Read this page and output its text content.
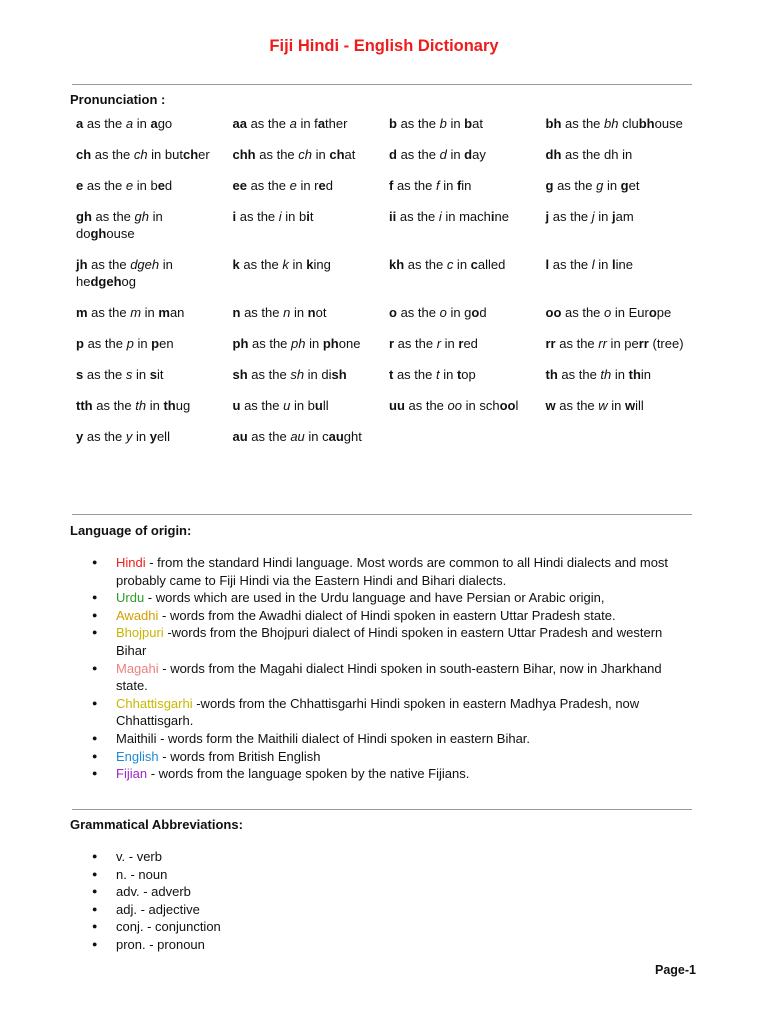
Fiji Hindi - English Dictionary
Pronunciation :
a as the a in ago	aa as the a in father	b as the b in bat	bh as the bh clubhouse
ch as the ch in butcher	chh as the ch in chat	d as the d in day	dh as the dh in
e as the e in bed	ee as the e in red	f as the f in fin	g as the g in get
gh as the gh in doghouse	i as the i in bit	ii as the i in machine	j as the j in jam
jh as the dgeh in hedgehog	k as the k in king	kh as the c in called	l as the l in line
m as the m in man	n as the n in not	o as the o in god	oo as the o in Europe
p as the p in pen	ph as the ph in phone	r as the r in red	rr as the rr in perr (tree)
s as the s in sit	sh as the sh in dish	t as the t in top	th as the th in thin
tth as the th in thug	u as the u in bull	uu as the oo in school	w as the w in will
y as the y in yell	au as the au in caught		
Language of origin:
● Hindi - from the standard Hindi language. Most words are common to all Hindi dialects and most probably came to Fiji Hindi via the Eastern Hindi and Bihari dialects.
● Urdu - words which are used in the Urdu language and have Persian or Arabic origin,
● Awadhi - words from the Awadhi dialect of Hindi spoken in eastern Uttar Pradesh state.
● Bhojpuri -words from the Bhojpuri dialect of Hindi spoken in eastern Uttar Pradesh and western Bihar
● Magahi - words from the Magahi dialect Hindi spoken in south-eastern Bihar, now in Jharkhand state.
● Chhattisgarhi -words from the Chhattisgarhi Hindi spoken in eastern Madhya Pradesh, now Chhattisgarh.
● Maithili - words form the Maithili dialect of Hindi spoken in eastern Bihar.
● English - words from British English
● Fijian - words from the language spoken by the native Fijians.
Grammatical Abbreviations:
● v. - verb
● n. - noun
● adv. - adverb
● adj. - adjective
● conj. - conjunction
● pron. - pronoun
Page-1
